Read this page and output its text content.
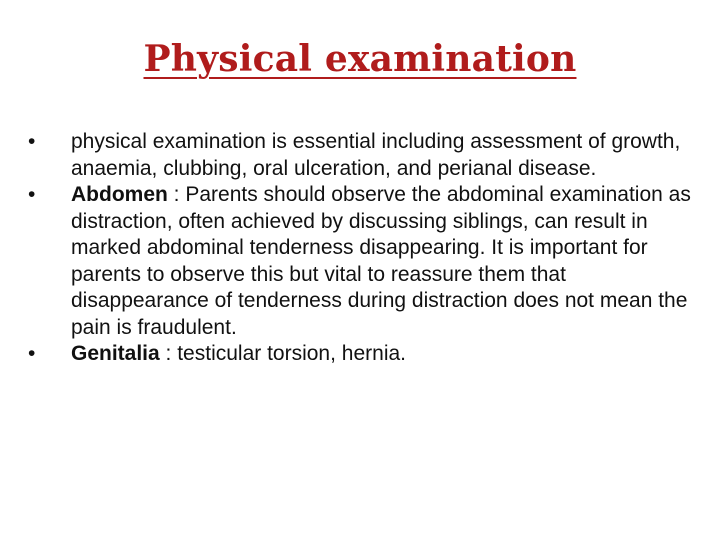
Physical examination
•	physical examination is essential including assessment of growth, anaemia, clubbing, oral ulceration, and perianal disease.
•	Abdomen : Parents should observe the abdominal examination as distraction, often achieved by discussing siblings, can result in marked abdominal tenderness disappearing. It is important for parents to observe this but vital to reassure them that disappearance of tenderness during distraction does not mean the pain is fraudulent.
•	Genitalia : testicular torsion, hernia.
